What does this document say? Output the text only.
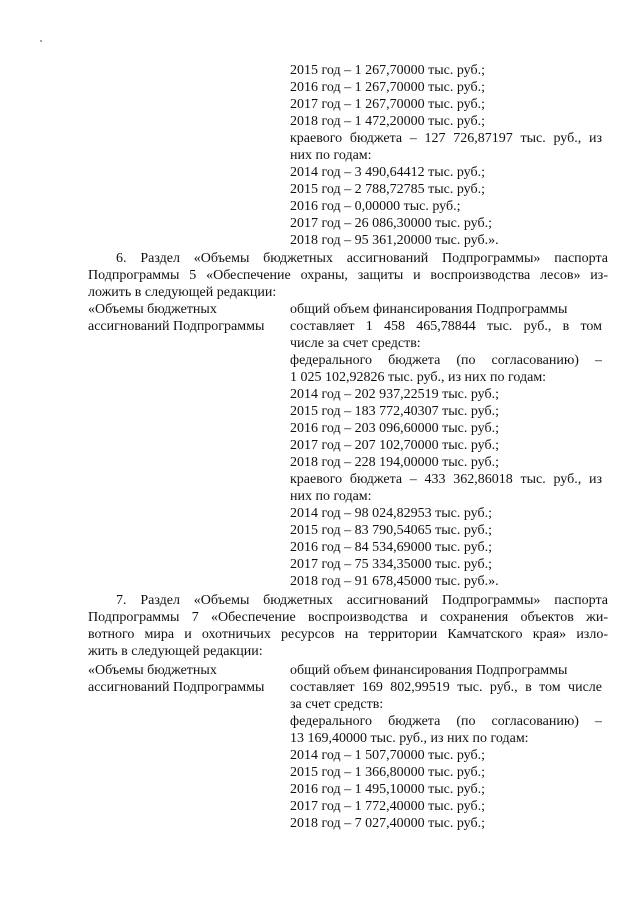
2015 год – 1 267,70000 тыс. руб.;
2016 год – 1 267,70000 тыс. руб.;
2017 год – 1 267,70000 тыс. руб.;
2018 год – 1 472,20000 тыс. руб.;
краевого бюджета – 127 726,87197 тыс. руб., из
них по годам:
2014 год – 3 490,64412 тыс. руб.;
2015 год – 2 788,72785 тыс. руб.;
2016 год – 0,00000 тыс. руб.;
2017 год – 26 086,30000 тыс. руб.;
2018 год – 95 361,20000 тыс. руб.».
6. Раздел «Объемы бюджетных ассигнований Подпрограммы» паспорта
Подпрограммы 5 «Обеспечение охраны, защиты и воспроизводства лесов» из-
ложить в следующей редакции:
«Объемы бюджетных
ассигнований Подпрограммы
общий объем финансирования Подпрограммы
составляет 1 458 465,78844 тыс. руб., в том
числе за счет средств:
федерального бюджета (по согласованию) –
1 025 102,92826 тыс. руб., из них по годам:
2014 год – 202 937,22519 тыс. руб.;
2015 год – 183 772,40307 тыс. руб.;
2016 год – 203 096,60000 тыс. руб.;
2017 год – 207 102,70000 тыс. руб.;
2018 год – 228 194,00000 тыс. руб.;
краевого бюджета – 433 362,86018 тыс. руб., из
них по годам:
2014 год – 98 024,82953 тыс. руб.;
2015 год – 83 790,54065 тыс. руб.;
2016 год – 84 534,69000 тыс. руб.;
2017 год – 75 334,35000 тыс. руб.;
2018 год – 91 678,45000 тыс. руб.».
7. Раздел «Объемы бюджетных ассигнований Подпрограммы» паспорта
Подпрограммы 7 «Обеспечение воспроизводства и сохранения объектов жи-
вотного мира и охотничьих ресурсов на территории Камчатского края» изло-
жить в следующей редакции:
«Объемы бюджетных
ассигнований Подпрограммы
общий объем финансирования Подпрограммы
составляет 169 802,99519 тыс. руб., в том числе
за счет средств:
федерального бюджета (по согласованию) –
13 169,40000 тыс. руб., из них по годам:
2014 год – 1 507,70000 тыс. руб.;
2015 год – 1 366,80000 тыс. руб.;
2016 год – 1 495,10000 тыс. руб.;
2017 год – 1 772,40000 тыс. руб.;
2018 год – 7 027,40000 тыс. руб.;
